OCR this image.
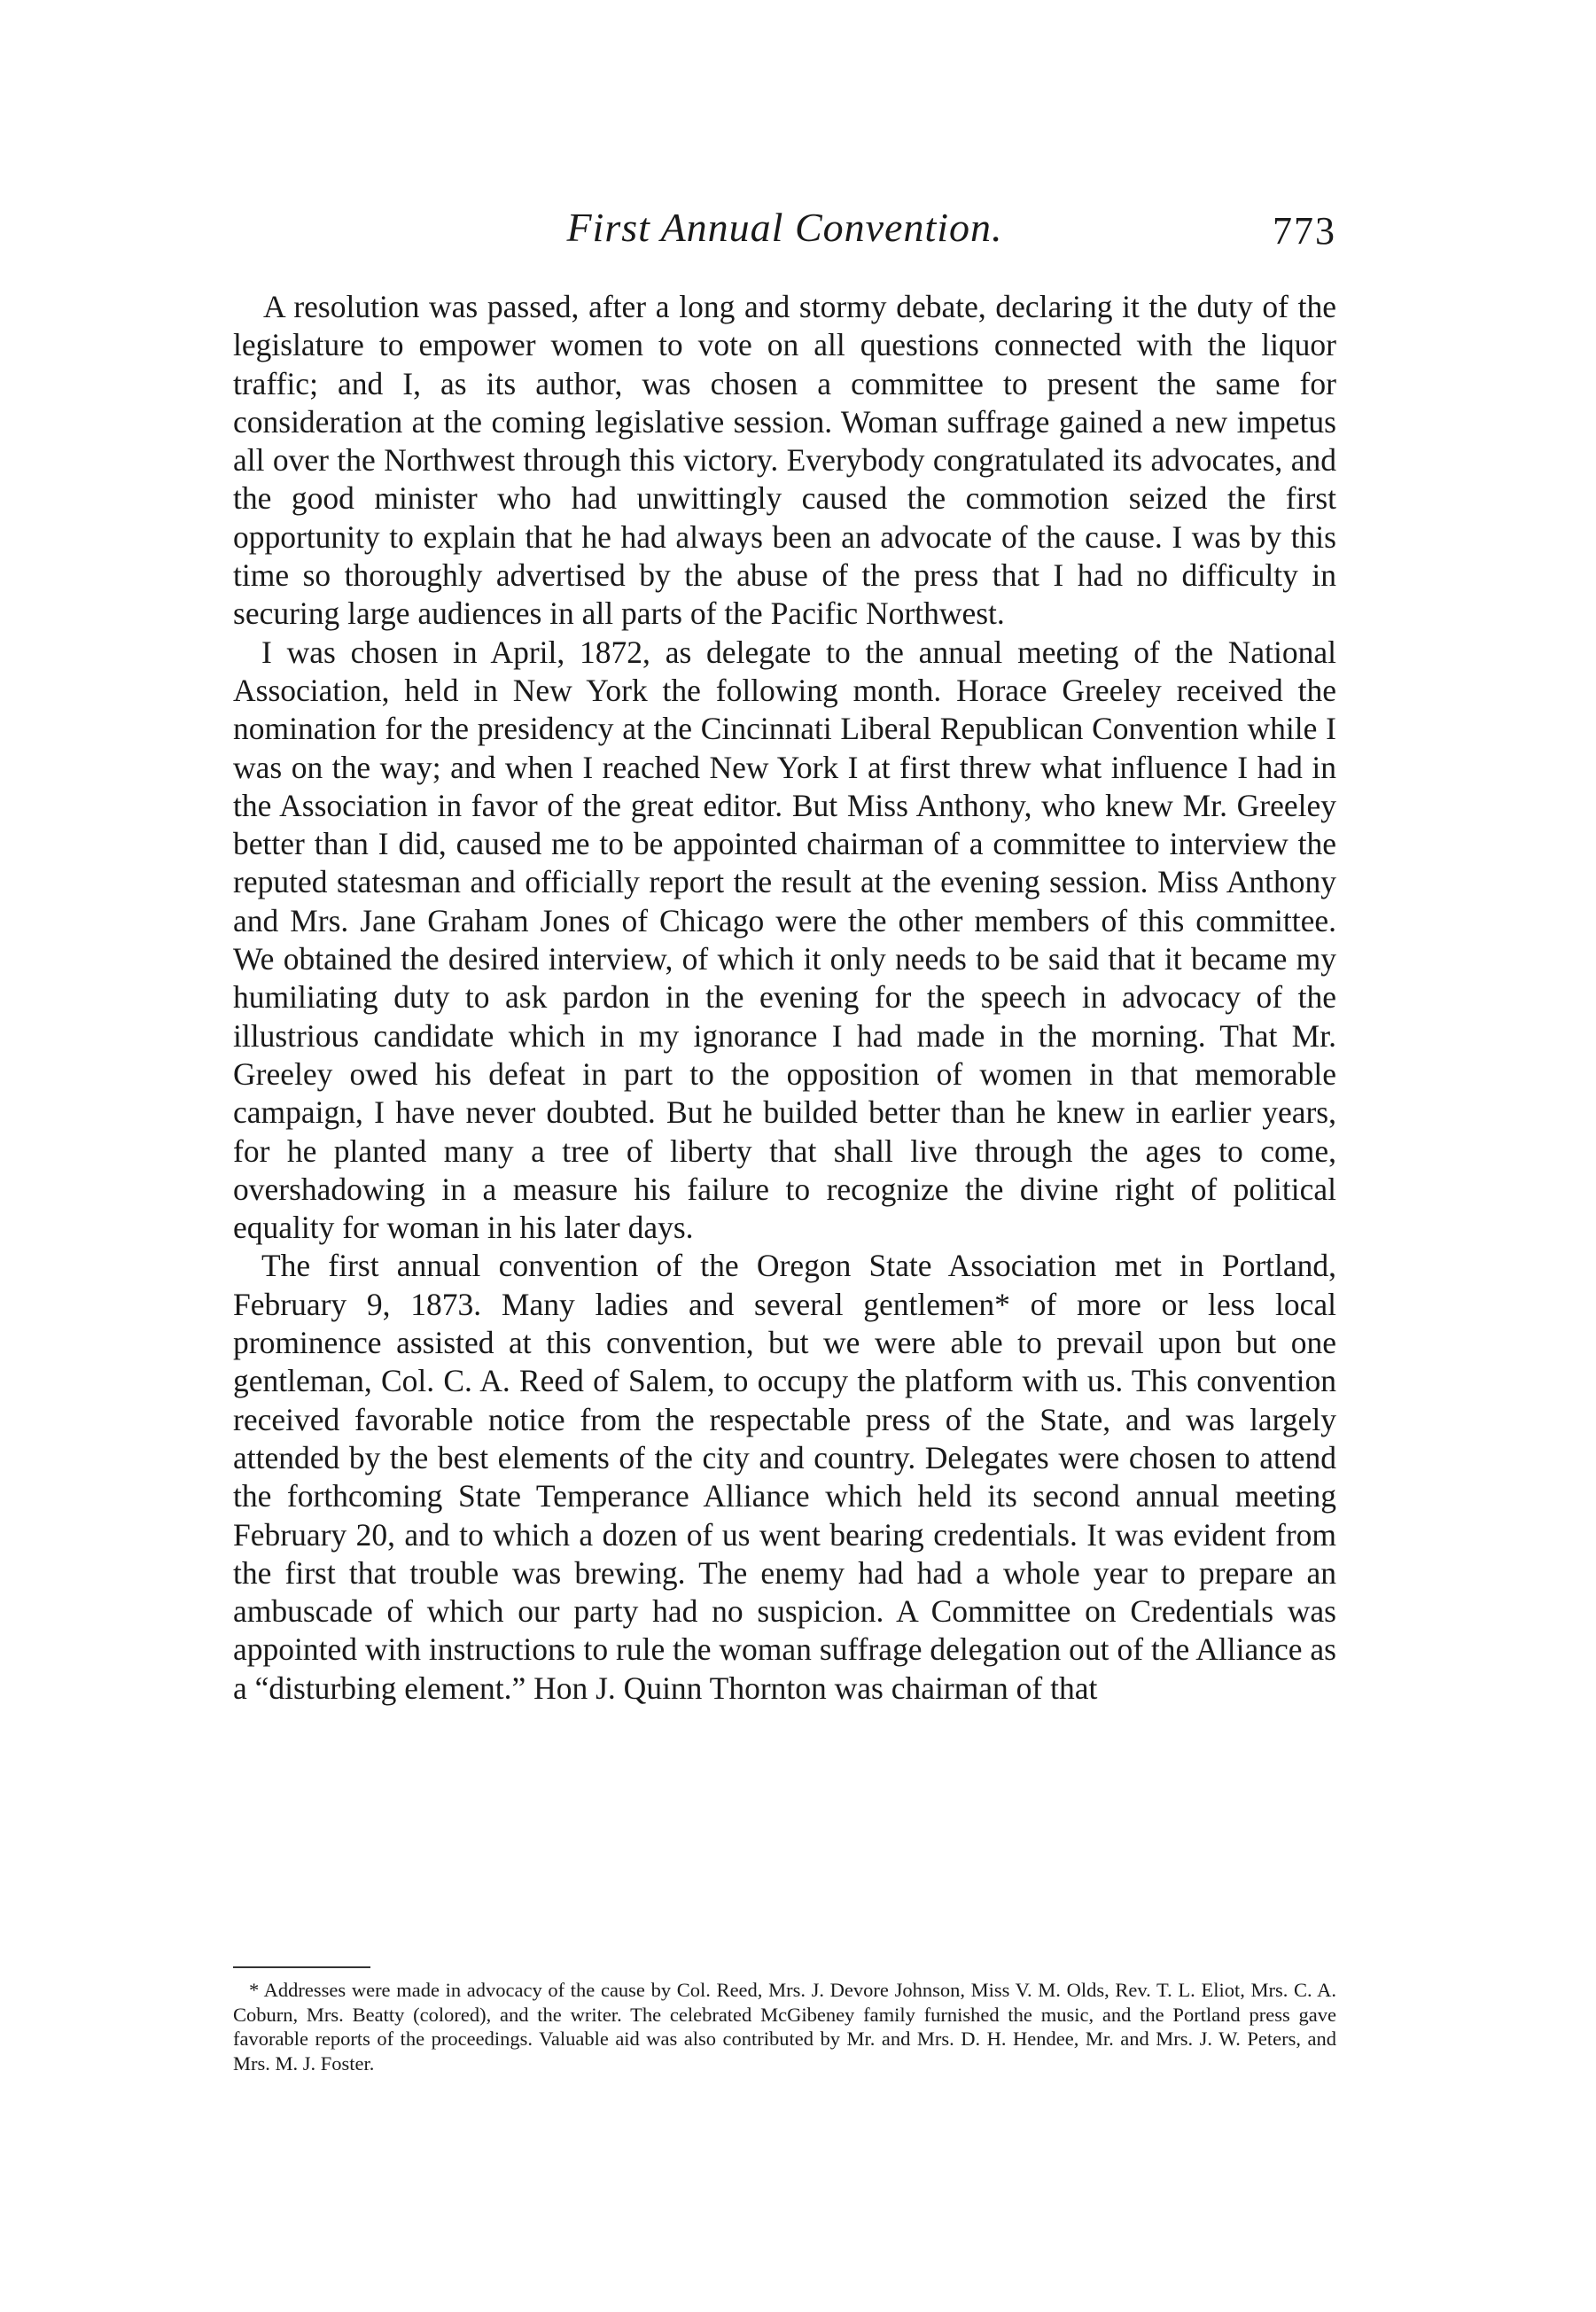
First Annual Convention.	773

A resolution was passed, after a long and stormy debate, declaring it the duty of the legislature to empower women to vote on all questions connected with the liquor traffic; and I, as its author, was chosen a committee to present the same for consideration at the coming legislative session. Woman suffrage gained a new impetus all over the Northwest through this victory. Everybody congratulated its advocates, and the good minister who had unwittingly caused the commotion seized the first opportunity to explain that he had always been an advocate of the cause. I was by this time so thoroughly advertised by the abuse of the press that I had no difficulty in securing large audiences in all parts of the Pacific Northwest.

I was chosen in April, 1872, as delegate to the annual meeting of the National Association, held in New York the following month. Horace Greeley received the nomination for the presidency at the Cincinnati Liberal Republican Convention while I was on the way; and when I reached New York I at first threw what influence I had in the Association in favor of the great editor. But Miss Anthony, who knew Mr. Greeley better than I did, caused me to be appointed chairman of a committee to interview the reputed statesman and officially report the result at the evening session. Miss Anthony and Mrs. Jane Graham Jones of Chicago were the other members of this committee. We obtained the desired interview, of which it only needs to be said that it became my humiliating duty to ask pardon in the evening for the speech in advocacy of the illustrious candidate which in my ignorance I had made in the morning. That Mr. Greeley owed his defeat in part to the opposition of women in that memorable campaign, I have never doubted. But he builded better than he knew in earlier years, for he planted many a tree of liberty that shall live through the ages to come, overshadowing in a measure his failure to recognize the divine right of political equality for woman in his later days.

The first annual convention of the Oregon State Association met in Portland, February 9, 1873. Many ladies and several gentlemen* of more or less local prominence assisted at this convention, but we were able to prevail upon but one gentleman, Col. C. A. Reed of Salem, to occupy the platform with us. This convention received favorable notice from the respectable press of the State, and was largely attended by the best elements of the city and country. Delegates were chosen to attend the forthcoming State Temperance Alliance which held its second annual meeting February 20, and to which a dozen of us went bearing credentials. It was evident from the first that trouble was brewing. The enemy had had a whole year to prepare an ambuscade of which our party had no suspicion. A Committee on Credentials was appointed with instructions to rule the woman suffrage delegation out of the Alliance as a “disturbing element.” Hon J. Quinn Thornton was chairman of that

* Addresses were made in advocacy of the cause by Col. Reed, Mrs. J. Devore Johnson, Miss V. M. Olds, Rev. T. L. Eliot, Mrs. C. A. Coburn, Mrs. Beatty (colored), and the writer. The celebrated McGibeney family furnished the music, and the Portland press gave favorable reports of the proceedings. Valuable aid was also contributed by Mr. and Mrs. D. H. Hendee, Mr. and Mrs. J. W. Peters, and Mrs. M. J. Foster.
